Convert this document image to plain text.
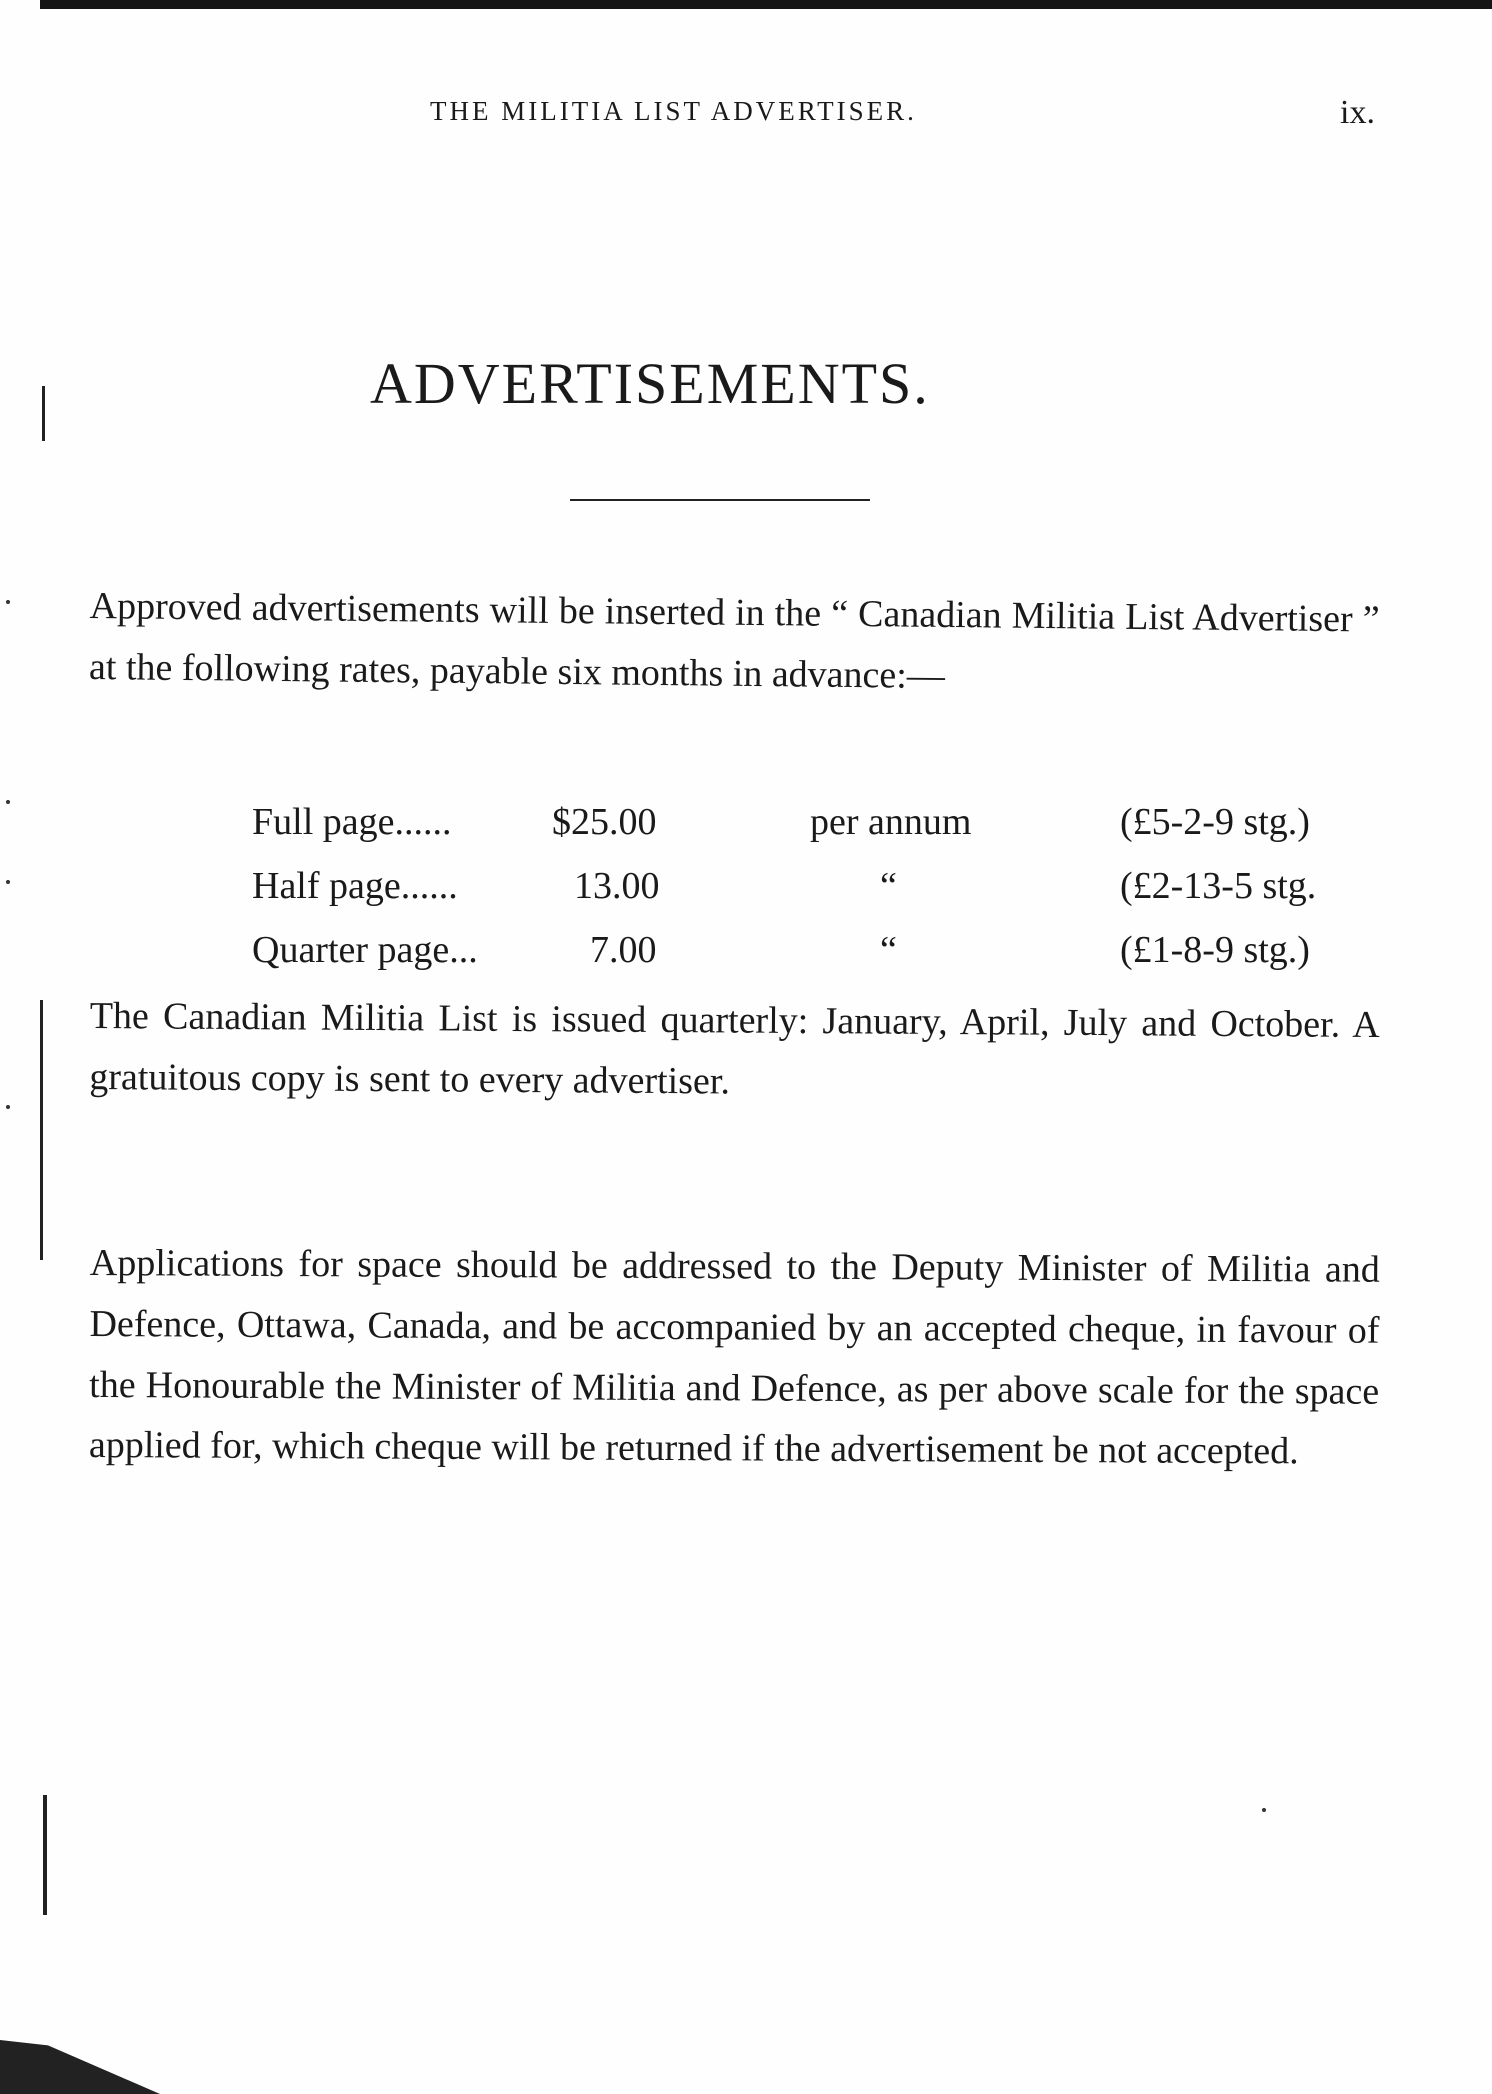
THE MILITIA LIST ADVERTISER.	ix.
ADVERTISEMENTS.

Approved advertisements will be inserted in the “ Canadian Militia List Advertiser ” at the following rates, payable six months in advance:—

Full page......	$25.00	per annum	(£5-2-9 stg.)
Half page......	13.00	“	(£2-13-5 stg.
Quarter page...	7.00	“	(£1-8-9 stg.)

The Canadian Militia List is issued quarterly: January, April, July and October. A gratuitous copy is sent to every advertiser.

Applications for space should be addressed to the Deputy Minister of Militia and Defence, Ottawa, Canada, and be accompanied by an accepted cheque, in favour of the Honourable the Minister of Militia and Defence, as per above scale for the space applied for, which cheque will be returned if the advertisement be not accepted.
